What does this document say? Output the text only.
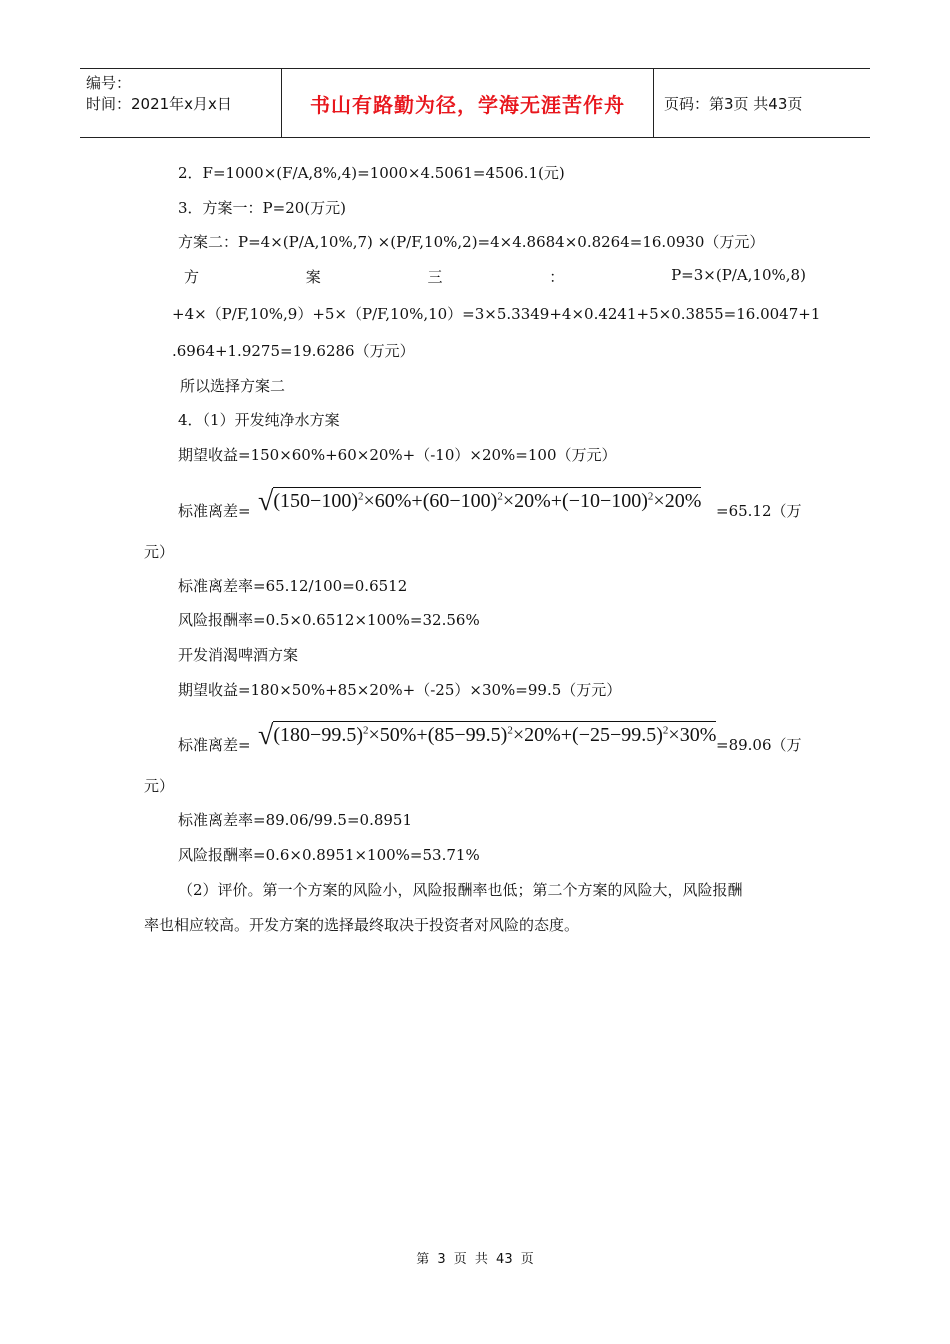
编号：
时间：2021年x月x日	书山有路勤为径，学海无涯苦作舟	页码：第3页 共43页
2．F=1000×(F/A,8%,4)=1000×4.5061=4506.1(元)
3．方案一：P=20(万元)
方案二：P=4×(P/A,10%,7) ×(P/F,10%,2)=4×4.8684×0.8264=16.0930（万元）
方	案	三	：	P=3×(P/A,10%,8)
+4×（P/F,10%,9）+5×（P/F,10%,10）=3×5.3349+4×0.4241+5×0.3855=16.0047+1
.6964+1.9275=19.6286（万元）
所以选择方案二
4．（1）开发纯净水方案
期望收益=150×60%+60×20%+（-10）×20%=100（万元）
标准离差= $√(150-100)^2\times 60\%+(60-100)^2\times 20\%+(-10-100)^2\times 20\% =65.12$（万
元）
标准离差率=65.12/100=0.6512
风险报酬率=0.5×0.6512×100%=32.56%
开发消渴啤酒方案
期望收益=180×50%+85×20%+（-25）×30%=99.5（万元）
标准离差= $√(180-99.5)^2\times 50\%+(85-99.5)^2\times 20\%+(-25-99.5)^2\times 30\% =89.06$（万
元）
标准离差率=89.06/99.5=0.8951
风险报酬率=0.6×0.8951×100%=53.71%
（2）评价。第一个方案的风险小，风险报酬率也低；第二个方案的风险大，风险报酬
率也相应较高。开发方案的选择最终取决于投资者对风险的态度。
第 3 页 共 43 页
